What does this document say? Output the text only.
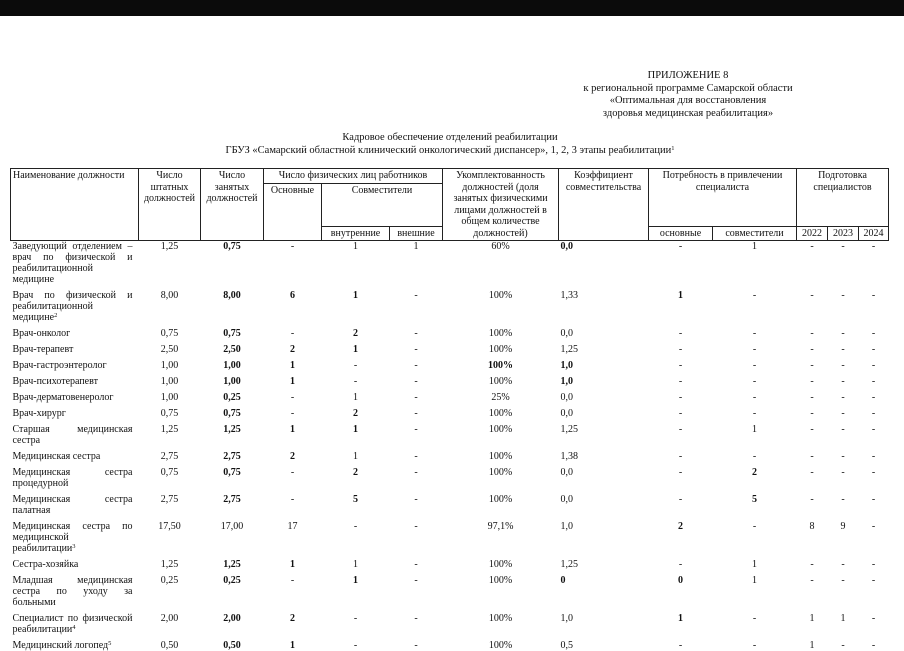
ПРИЛОЖЕНИЕ 8
к региональной программе Самарской области
«Оптимальная для восстановления
здоровья медицинская реабилитация»
Кадровое обеспечение отделений реабилитации
ГБУЗ «Самарский областной клинический онкологический диспансер», 1, 2, 3 этапы реабилитации$^1$
Наименование должности	Число штатных должностей	Число занятых должностей	Число физических лиц работников			Укомплектованность должностей (доля занятых физическими лицами должностей в общем количестве должностей)	Коэффициент совместительства	Потребность в привлечении специалиста		Подготовка специалистов		
			Основные	Совместители								
				внутренние	внешние			основные	совместители	2022	2023	2024
Заведующий отделением – врач по физической и реабилитационной медицине	1,25	0,75	-	1	1	60%	0,0	-	1	-	-	-
Врач по физической и реабилитационной медицине$^2$	8,00	8,00	6	1	-	100%	1,33	1	-	-	-	-
Врач-онколог	0,75	0,75	-	2	-	100%	0,0	-	-	-	-	-
Врач-терапевт	2,50	2,50	2	1	-	100%	1,25	-	-	-	-	-
Врач-гастроэнтеролог	1,00	1,00	1	-	-	100%	1,0	-	-	-	-	-
Врач-психотерапевт	1,00	1,00	1	-	-	100%	1,0	-	-	-	-	-
Врач-дерматовенеролог	1,00	0,25	-	1	-	25%	0,0	-	-	-	-	-
Врач-хирург	0,75	0,75	-	2	-	100%	0,0	-	-	-	-	-
Старшая медицинская сестра	1,25	1,25	1	1	-	100%	1,25	-	1	-	-	-
Медицинская сестра	2,75	2,75	2	1	-	100%	1,38	-	-	-	-	-
Медицинская сестра процедурной	0,75	0,75	-	2	-	100%	0,0	-	2	-	-	-
Медицинская сестра палатная	2,75	2,75	-	5	-	100%	0,0	-	5	-	-	-
Медицинская сестра по медицинской реабилитации$^3$	17,50	17,00	17	-	-	97,1%	1,0	2	-	8	9	-
Сестра-хозяйка	1,25	1,25	1	1	-	100%	1,25	-	1	-	-	-
Младшая медицинская сестра по уходу за больными	0,25	0,25	-	1	-	100%	0	0	1	-	-	-
Специалист по физической реабилитации$^4$	2,00	2,00	2	-	-	100%	1,0	1	-	1	1	-
Медицинский логопед$^5$	0,50	0,50	1	-	-	100%	0,5	-	-	1	-	-
